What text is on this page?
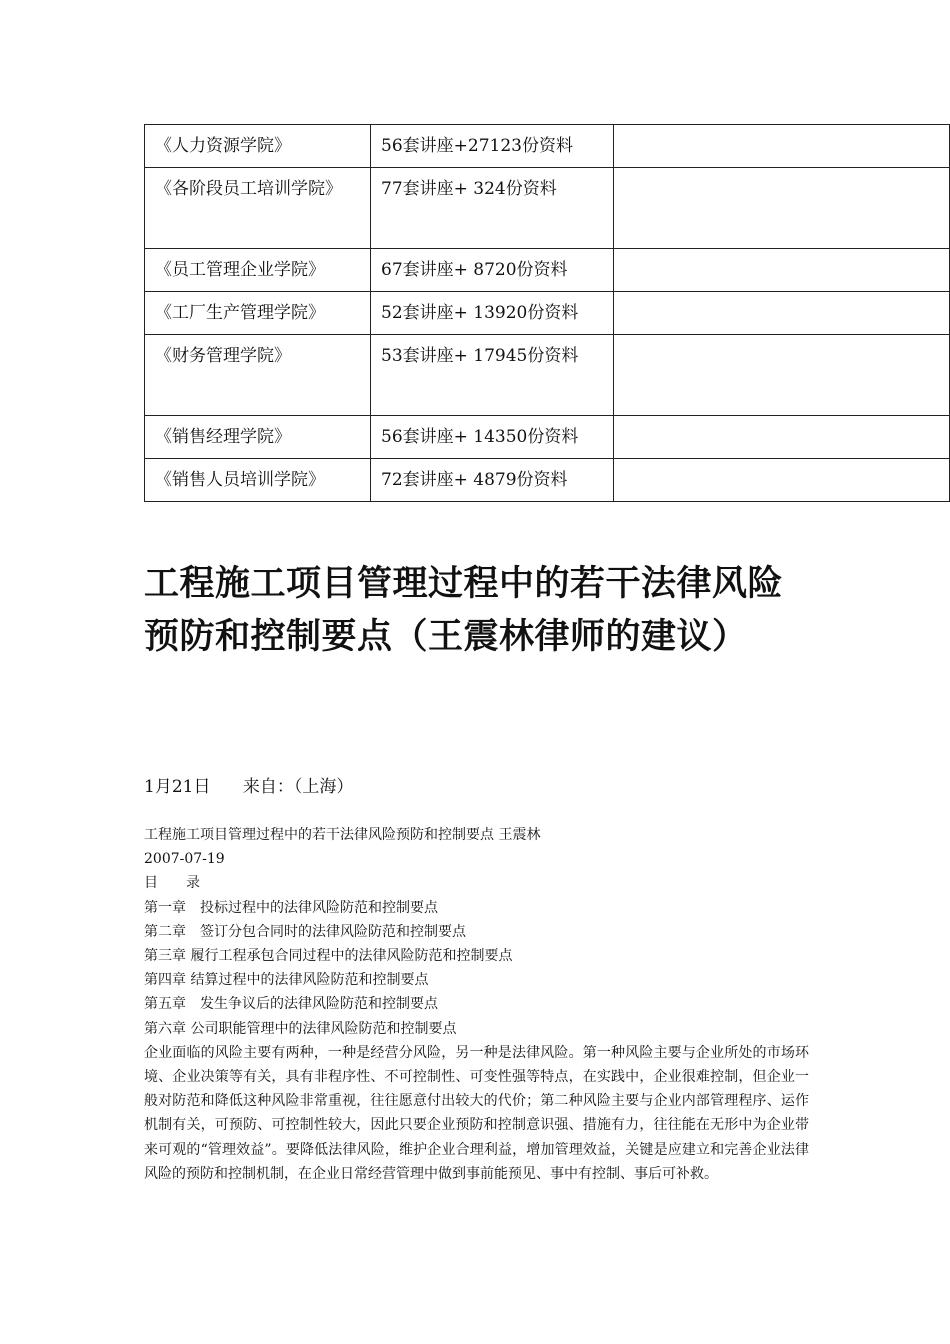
《人力资源学院》	56套讲座+27123份资料	
《各阶段员工培训学院》	77套讲座+ 324份资料	
《员工管理企业学院》	67套讲座+ 8720份资料	
《工厂生产管理学院》	52套讲座+ 13920份资料	
《财务管理学院》	53套讲座+ 17945份资料	
《销售经理学院》	56套讲座+ 14350份资料	
《销售人员培训学院》	72套讲座+ 4879份资料	
工程施工项目管理过程中的若干法律风险预防和控制要点（王震林律师的建议）
1月21日 来自：（上海）
工程施工项目管理过程中的若干法律风险预防和控制要点 王震林
2007-07-19
目　　录
第一章　投标过程中的法律风险防范和控制要点
第二章　签订分包合同时的法律风险防范和控制要点
第三章 履行工程承包合同过程中的法律风险防范和控制要点
第四章 结算过程中的法律风险防范和控制要点
第五章　发生争议后的法律风险防范和控制要点
第六章 公司职能管理中的法律风险防范和控制要点
企业面临的风险主要有两种，一种是经营分风险，另一种是法律风险。第一种风险主要与企业所处的市场环境、企业决策等有关，具有非程序性、不可控制性、可变性强等特点，在实践中，企业很难控制，但企业一般对防范和降低这种风险非常重视，往往愿意付出较大的代价；第二种风险主要与企业内部管理程序、运作机制有关，可预防、可控制性较大，因此只要企业预防和控制意识强、措施有力，往往能在无形中为企业带来可观的“管理效益”。要降低法律风险，维护企业合理利益，增加管理效益，关键是应建立和完善企业法律风险的预防和控制机制，在企业日常经营管理中做到事前能预见、事中有控制、事后可补救。
